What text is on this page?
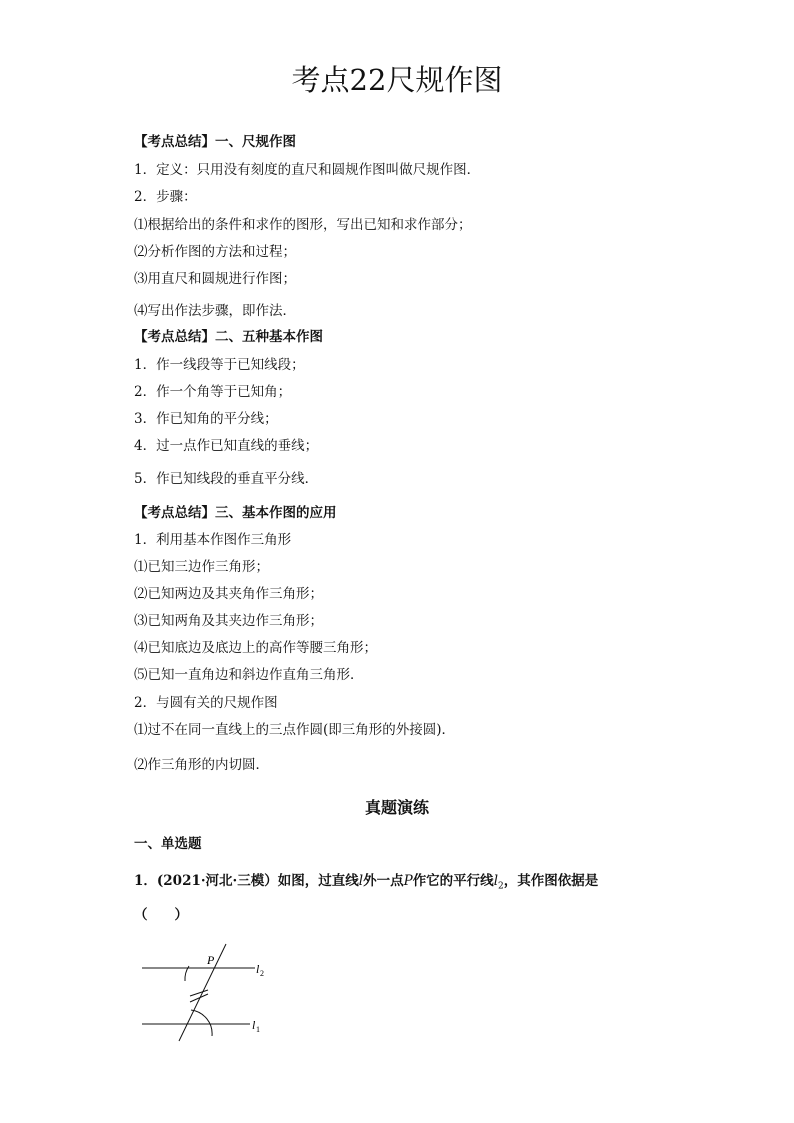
考点22尺规作图
【考点总结】一、尺规作图
1．定义：只用没有刻度的直尺和圆规作图叫做尺规作图．
2．步骤：
⑴根据给出的条件和求作的图形，写出已知和求作部分；
⑵分析作图的方法和过程；
⑶用直尺和圆规进行作图；
⑷写出作法步骤，即作法．
【考点总结】二、五种基本作图
1．作一线段等于已知线段；
2．作一个角等于已知角；
3．作已知角的平分线；
4．过一点作已知直线的垂线；
5．作已知线段的垂直平分线．
【考点总结】三、基本作图的应用
1．利用基本作图作三角形
⑴已知三边作三角形；
⑵已知两边及其夹角作三角形；
⑶已知两角及其夹边作三角形；
⑷已知底边及底边上的高作等腰三角形；
⑸已知一直角边和斜边作直角三角形．
2．与圆有关的尺规作图
⑴过不在同一直线上的三点作圆(即三角形的外接圆)．
⑵作三角形的内切圆．
真题演练
一、单选题
1．(2021·河北·三模）如图，过直线l外一点P作它的平行线$l_2$，其作图依据是
（　　）
P
l 2
l 1
